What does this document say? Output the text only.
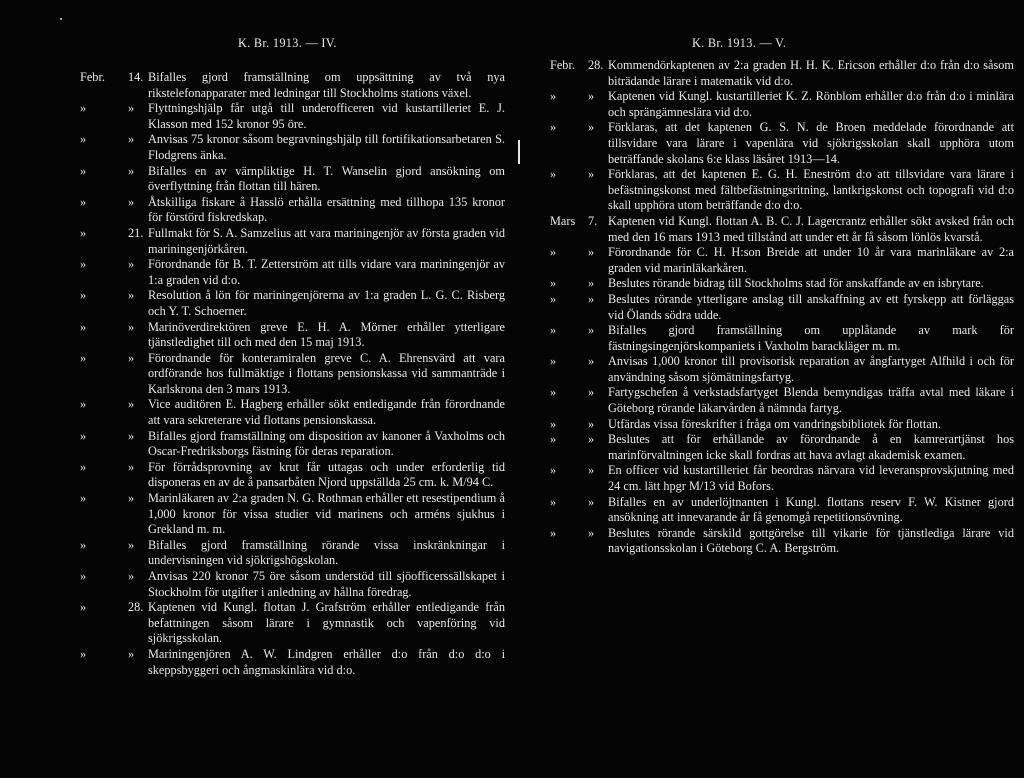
K. Br. 1913. — IV.
Febr. 14. Bifalles gjord framställning om uppsättning av två nya rikstelefonapparater med ledningar till Stockholms stations växel.
»	»	Flyttningshjälp får utgå till underofficeren vid kustartilleriet E. J. Klasson med 152 kronor 95 öre.
»	»	Anvisas 75 kronor såsom begravningshjälp till fortifikationsarbetaren S. Flodgrens änka.
»	»	Bifalles en av värnpliktige H. T. Wanselin gjord ansökning om överflyttning från flottan till hären.
»	»	Åtskilliga fiskare å Hasslö erhålla ersättning med tillhopa 135 kronor för förstörd fiskredskap.
»	21. Fullmakt för S. A. Samzelius att vara mariningenjör av första graden vid mariningenjörkåren.
»	»	Förordnande för B. T. Zetterström att tills vidare vara mariningenjör av 1:a graden vid d:o.
»	»	Resolution å lön för mariningenjörerna av 1:a graden L. G. C. Risberg och Y. T. Schoerner.
»	»	Marinöverdirektören greve E. H. A. Mörner erhåller ytterligare tjänstledighet till och med den 15 maj 1913.
»	»	Förordnande för konteramiralen greve C. A. Ehrensvärd att vara ordförande hos fullmäktige i flottans pensionskassa vid sammanträde i Karlskrona den 3 mars 1913.
»	»	Vice auditören E. Hagberg erhåller sökt entledigande från förordnande att vara sekreterare vid flottans pensionskassa.
»	»	Bifalles gjord framställning om disposition av kanoner å Vaxholms och Oscar-Fredriksborgs fästning för deras reparation.
»	»	För förrådsprovning av krut får uttagas och under erforderlig tid disponeras en av de å pansarbåten Njord uppställda 25 cm. k. M/94 C.
»	»	Marinläkaren av 2:a graden N. G. Rothman erhåller ett resestipendium å 1,000 kronor för vissa studier vid marinens och arméns sjukhus i Grekland m. m.
»	»	Bifalles gjord framställning rörande vissa inskränkningar i undervisningen vid sjökrigshögskolan.
»	»	Anvisas 220 kronor 75 öre såsom understöd till sjöofficerssällskapet i Stockholm för utgifter i anledning av hållna föredrag.
»	28. Kaptenen vid Kungl. flottan J. Grafström erhåller entledigande från befattningen såsom lärare i gymnastik och vapenföring vid sjökrigsskolan.
»	»	Mariningenjören A. W. Lindgren erhåller d:o från d:o d:o i skeppsbyggeri och ångmaskinlära vid d:o.
K. Br. 1913. — V.
Febr. 28. Kommendörkaptenen av 2:a graden H. H. K. Ericson erhåller d:o från d:o såsom biträdande lärare i matematik vid d:o.
»	»	Kaptenen vid Kungl. kustartilleriet K. Z. Rönblom erhåller d:o från d:o i minlära och sprängämneslära vid d:o.
»	»	Förklaras, att det kaptenen G. S. N. de Broen meddelade förordnande att tillsvidare vara lärare i vapenlära vid sjökrigsskolan skall upphöra utom beträffande skolans 6:e klass läsåret 1913—14.
»	»	Förklaras, att det kaptenen E. G. H. Eneström d:o att tillsvidare vara lärare i befästningskonst med fältbefästningsritning, lantkrigskonst och topografi vid d:o skall upphöra utom beträffande d:o d:o.
Mars 7. Kaptenen vid Kungl. flottan A. B. C. J. Lagercrantz erhåller sökt avsked från och med den 16 mars 1913 med tillstånd att under ett år få såsom lönlös kvarstå.
»	»	Förordnande för C. H. H:son Breide att under 10 år vara marinläkare av 2:a graden vid marinläkarkåren.
»	»	Beslutes rörande bidrag till Stockholms stad för anskaffande av en isbrytare.
»	»	Beslutes rörande ytterligare anslag till anskaffning av ett fyrskepp att förläggas vid Ölands södra udde.
»	»	Bifalles gjord framställning om upplåtande av mark för fästningsingenjörskompaniets i Vaxholm barackläger m. m.
»	»	Anvisas 1,000 kronor till provisorisk reparation av ångfartyget Alfhild i och för användning såsom sjömätningsfartyg.
»	»	Fartygschefen å verkstadsfartyget Blenda bemyndigas träffa avtal med läkare i Göteborg rörande läkarvården å nämnda fartyg.
»	»	Utfärdas vissa föreskrifter i fråga om vandringsbibliotek för flottan.
»	»	Beslutes att för erhållande av förordnande å en kamrerartjänst hos marinförvaltningen icke skall fordras att hava avlagt akademisk examen.
»	»	En officer vid kustartilleriet får beordras närvara vid leveransprovskjutning med 24 cm. lätt hpgr M/13 vid Bofors.
»	»	Bifalles en av underlöjtnanten i Kungl. flottans reserv F. W. Kistner gjord ansökning att innevarande år få genomgå repetitionsövning.
»	»	Beslutes rörande särskild gottgörelse till vikarie för tjänstlediga lärare vid navigationsskolan i Göteborg C. A. Bergström.
